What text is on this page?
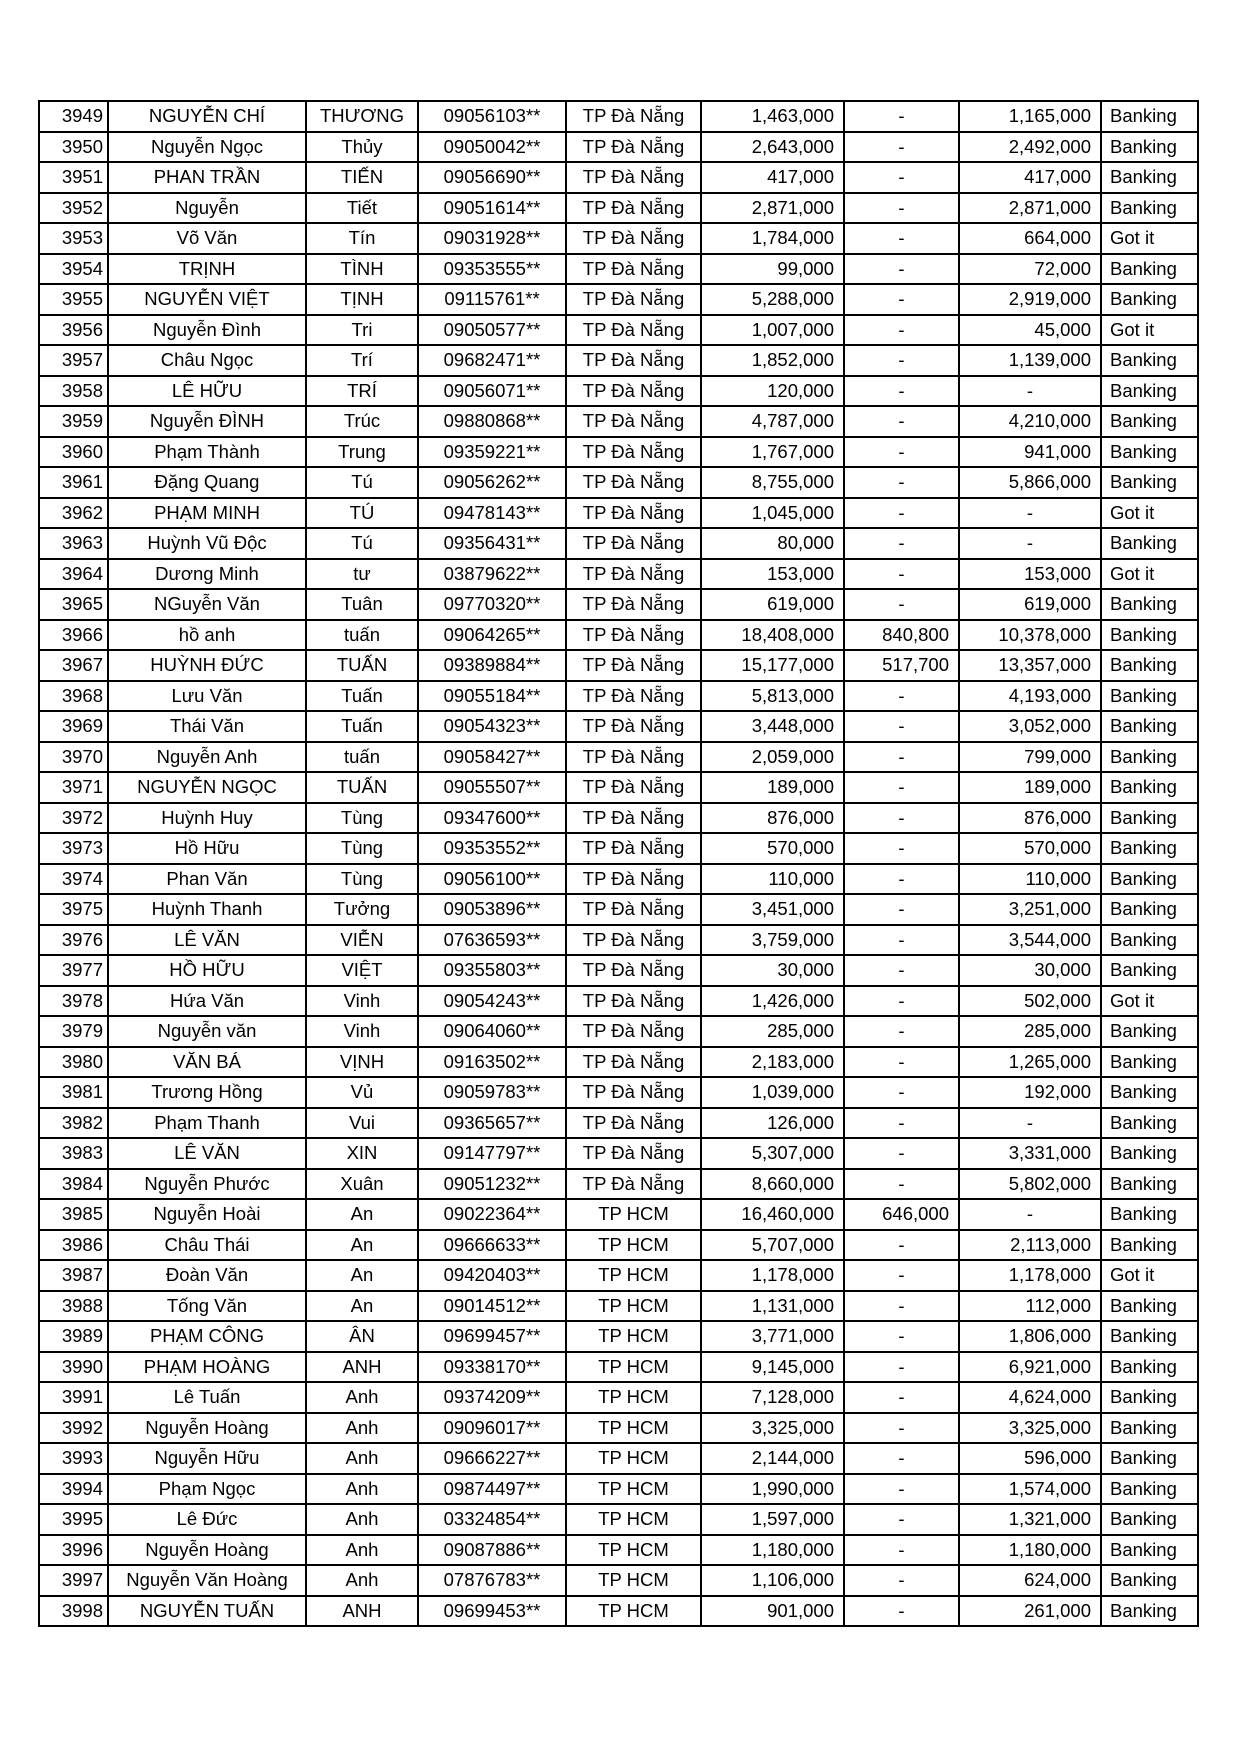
3949	NGUYỄN CHÍ	THƯƠNG	09056103**	TP Đà Nẵng	1,463,000	-	1,165,000	Banking
3950	Nguyễn Ngọc	Thủy	09050042**	TP Đà Nẵng	2,643,000	-	2,492,000	Banking
3951	PHAN TRẦN	TIẾN	09056690**	TP Đà Nẵng	417,000	-	417,000	Banking
3952	Nguyễn	Tiết	09051614**	TP Đà Nẵng	2,871,000	-	2,871,000	Banking
3953	Võ Văn	Tín	09031928**	TP Đà Nẵng	1,784,000	-	664,000	Got it
3954	TRỊNH	TÌNH	09353555**	TP Đà Nẵng	99,000	-	72,000	Banking
3955	NGUYỄN VIỆT	TỊNH	09115761**	TP Đà Nẵng	5,288,000	-	2,919,000	Banking
3956	Nguyễn Đình	Tri	09050577**	TP Đà Nẵng	1,007,000	-	45,000	Got it
3957	Châu Ngọc	Trí	09682471**	TP Đà Nẵng	1,852,000	-	1,139,000	Banking
3958	LÊ HỮU	TRÍ	09056071**	TP Đà Nẵng	120,000	-	-	Banking
3959	Nguyễn ĐÌNH	Trúc	09880868**	TP Đà Nẵng	4,787,000	-	4,210,000	Banking
3960	Phạm Thành	Trung	09359221**	TP Đà Nẵng	1,767,000	-	941,000	Banking
3961	Đặng Quang	Tú	09056262**	TP Đà Nẵng	8,755,000	-	5,866,000	Banking
3962	PHẠM MINH	TÚ	09478143**	TP Đà Nẵng	1,045,000	-	-	Got it
3963	Huỳnh Vũ Độc	Tú	09356431**	TP Đà Nẵng	80,000	-	-	Banking
3964	Dương Minh	tư	03879622**	TP Đà Nẵng	153,000	-	153,000	Got it
3965	NGuyễn Văn	Tuân	09770320**	TP Đà Nẵng	619,000	-	619,000	Banking
3966	hồ anh	tuấn	09064265**	TP Đà Nẵng	18,408,000	840,800	10,378,000	Banking
3967	HUỲNH ĐỨC	TUẤN	09389884**	TP Đà Nẵng	15,177,000	517,700	13,357,000	Banking
3968	Lưu Văn	Tuấn	09055184**	TP Đà Nẵng	5,813,000	-	4,193,000	Banking
3969	Thái Văn	Tuấn	09054323**	TP Đà Nẵng	3,448,000	-	3,052,000	Banking
3970	Nguyễn Anh	tuấn	09058427**	TP Đà Nẵng	2,059,000	-	799,000	Banking
3971	NGUYỄN NGỌC	TUẤN	09055507**	TP Đà Nẵng	189,000	-	189,000	Banking
3972	Huỳnh Huy	Tùng	09347600**	TP Đà Nẵng	876,000	-	876,000	Banking
3973	Hồ Hữu	Tùng	09353552**	TP Đà Nẵng	570,000	-	570,000	Banking
3974	Phan Văn	Tùng	09056100**	TP Đà Nẵng	110,000	-	110,000	Banking
3975	Huỳnh Thanh	Tưởng	09053896**	TP Đà Nẵng	3,451,000	-	3,251,000	Banking
3976	LÊ VĂN	VIỄN	07636593**	TP Đà Nẵng	3,759,000	-	3,544,000	Banking
3977	HỒ HỮU	VIỆT	09355803**	TP Đà Nẵng	30,000	-	30,000	Banking
3978	Hứa Văn	Vinh	09054243**	TP Đà Nẵng	1,426,000	-	502,000	Got it
3979	Nguyễn văn	Vinh	09064060**	TP Đà Nẵng	285,000	-	285,000	Banking
3980	VĂN BÁ	VỊNH	09163502**	TP Đà Nẵng	2,183,000	-	1,265,000	Banking
3981	Trương Hồng	Vủ	09059783**	TP Đà Nẵng	1,039,000	-	192,000	Banking
3982	Phạm Thanh	Vui	09365657**	TP Đà Nẵng	126,000	-	-	Banking
3983	LÊ VĂN	XIN	09147797**	TP Đà Nẵng	5,307,000	-	3,331,000	Banking
3984	Nguyễn Phước	Xuân	09051232**	TP Đà Nẵng	8,660,000	-	5,802,000	Banking
3985	Nguyễn Hoài	An	09022364**	TP HCM	16,460,000	646,000	-	Banking
3986	Châu Thái	An	09666633**	TP HCM	5,707,000	-	2,113,000	Banking
3987	Đoàn Văn	An	09420403**	TP HCM	1,178,000	-	1,178,000	Got it
3988	Tống Văn	An	09014512**	TP HCM	1,131,000	-	112,000	Banking
3989	PHẠM CÔNG	ÂN	09699457**	TP HCM	3,771,000	-	1,806,000	Banking
3990	PHẠM HOÀNG	ANH	09338170**	TP HCM	9,145,000	-	6,921,000	Banking
3991	Lê Tuấn	Anh	09374209**	TP HCM	7,128,000	-	4,624,000	Banking
3992	Nguyễn Hoàng	Anh	09096017**	TP HCM	3,325,000	-	3,325,000	Banking
3993	Nguyễn Hữu	Anh	09666227**	TP HCM	2,144,000	-	596,000	Banking
3994	Phạm Ngọc	Anh	09874497**	TP HCM	1,990,000	-	1,574,000	Banking
3995	Lê Đức	Anh	03324854**	TP HCM	1,597,000	-	1,321,000	Banking
3996	Nguyễn Hoàng	Anh	09087886**	TP HCM	1,180,000	-	1,180,000	Banking
3997	Nguyễn Văn Hoàng	Anh	07876783**	TP HCM	1,106,000	-	624,000	Banking
3998	NGUYỄN TUẤN	ANH	09699453**	TP HCM	901,000	-	261,000	Banking
